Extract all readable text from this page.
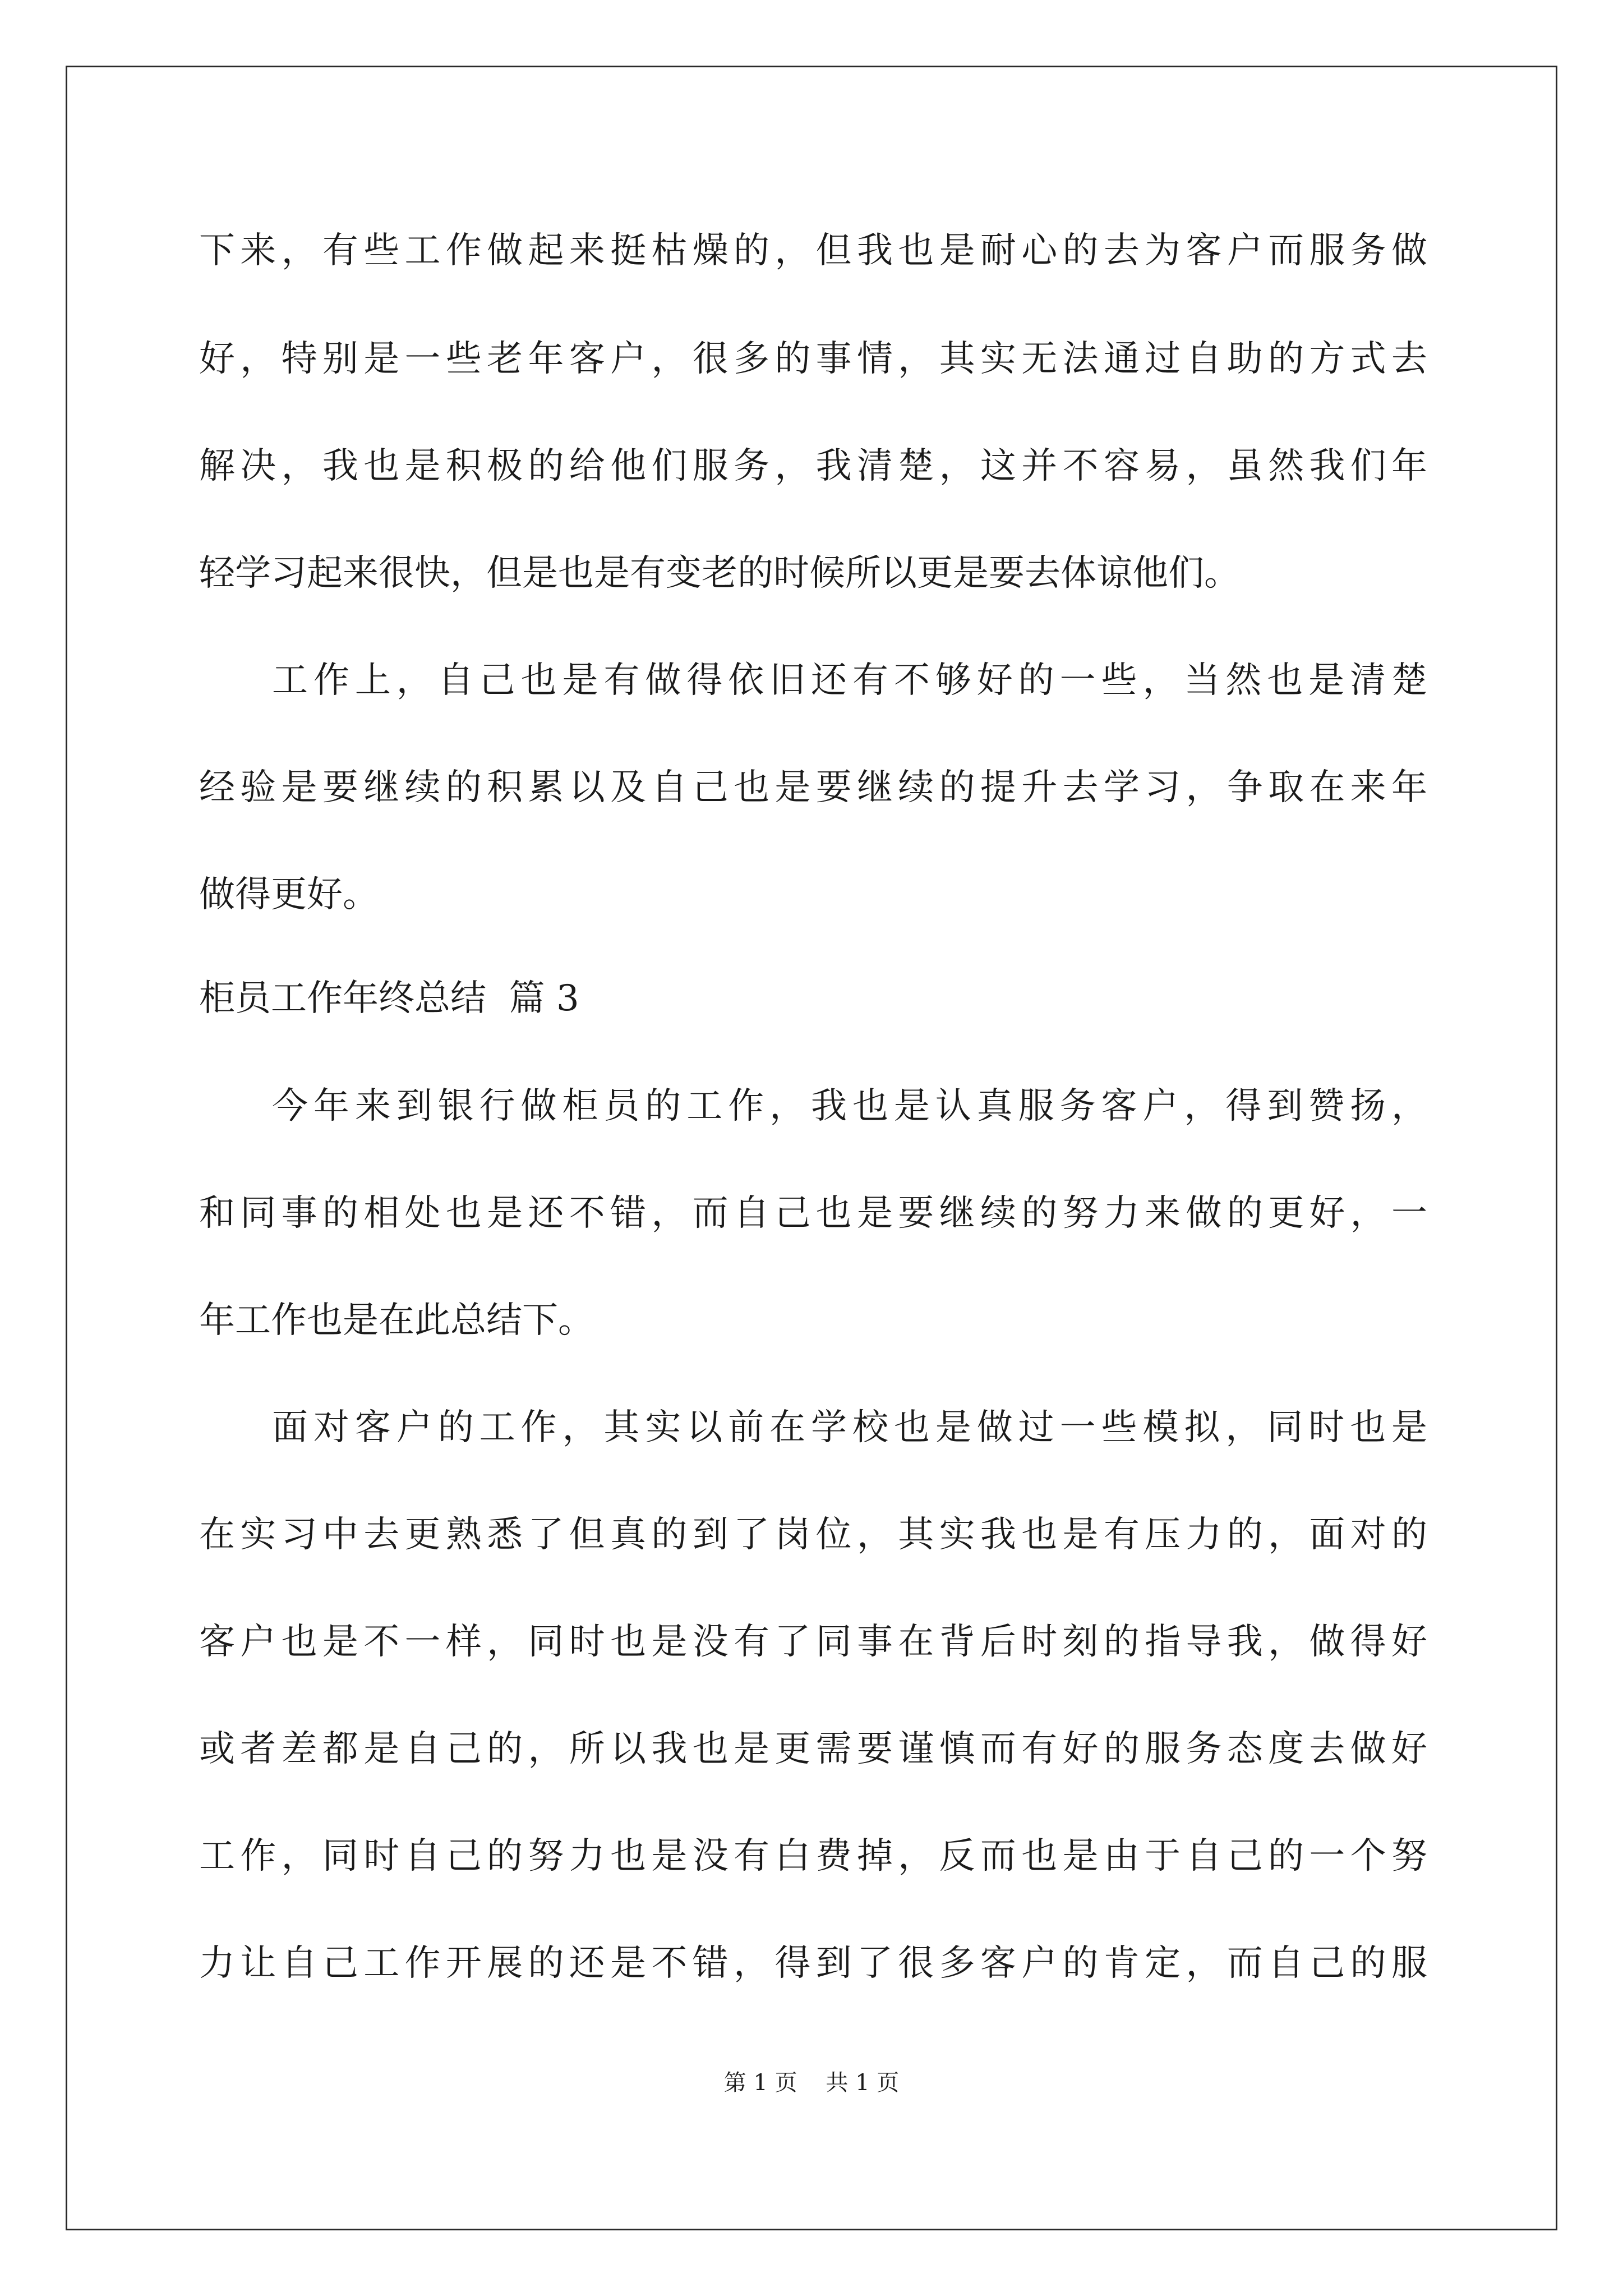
下来，有些工作做起来挺枯燥的，但我也是耐心的去为客户而服务做
好，特别是一些老年客户，很多的事情，其实无法通过自助的方式去
解决，我也是积极的给他们服务，我清楚，这并不容易，虽然我们年
轻学习起来很快，但是也是有变老的时候所以更是要去体谅他们。
工作上，自己也是有做得依旧还有不够好的一些，当然也是清楚
经验是要继续的积累以及自己也是要继续的提升去学习，争取在来年
做得更好。
柜员工作年终总结  篇 3
今年来到银行做柜员的工作，我也是认真服务客户，得到赞扬，
和同事的相处也是还不错，而自己也是要继续的努力来做的更好，一
年工作也是在此总结下。
面对客户的工作，其实以前在学校也是做过一些模拟，同时也是
在实习中去更熟悉了但真的到了岗位，其实我也是有压力的，面对的
客户也是不一样，同时也是没有了同事在背后时刻的指导我，做得好
或者差都是自己的，所以我也是更需要谨慎而有好的服务态度去做好
工作，同时自己的努力也是没有白费掉，反而也是由于自己的一个努
力让自己工作开展的还是不错，得到了很多客户的肯定，而自己的服
第 1 页    共 1 页
